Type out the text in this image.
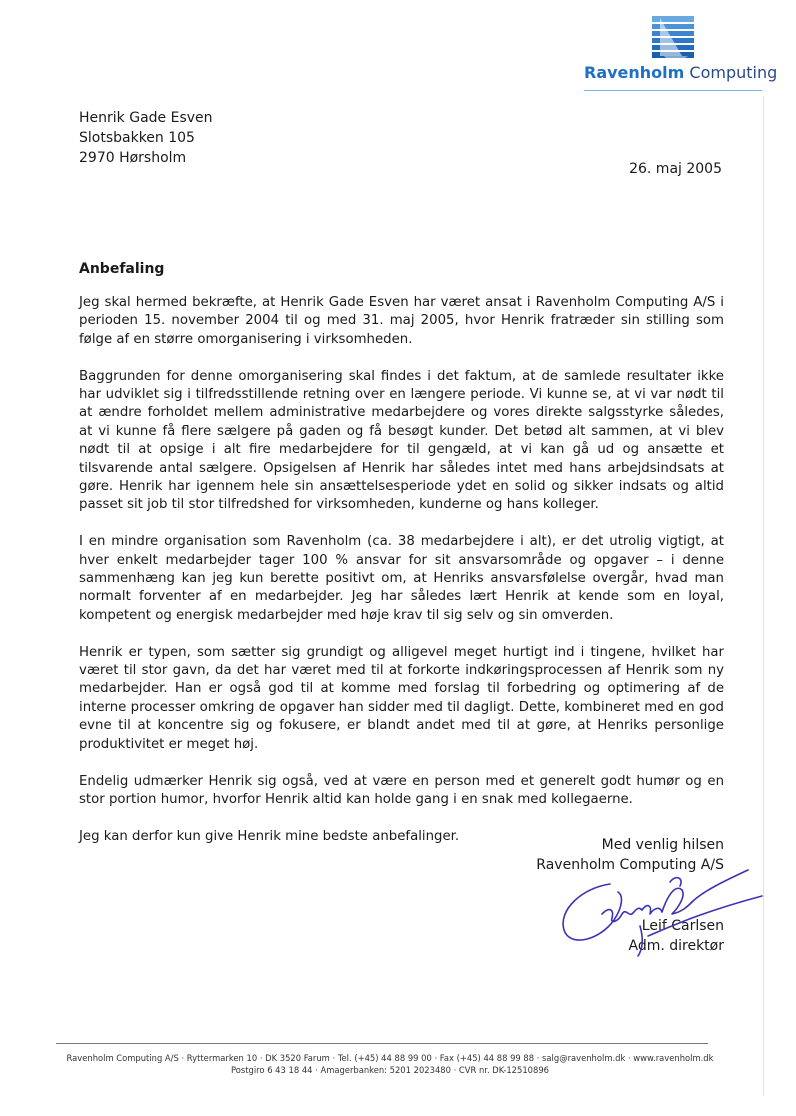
Ravenholm Computing
Henrik Gade Esven
Slotsbakken 105
2970 Hørsholm
26. maj 2005
Anbefaling

Jeg skal hermed bekræfte, at Henrik Gade Esven har været ansat i Ravenholm Computing A/S i perioden 15. november 2004 til og med 31. maj 2005, hvor Henrik fratræder sin stilling som følge af en større omorganisering i virksomheden.

Baggrunden for denne omorganisering skal findes i det faktum, at de samlede resultater ikke har udviklet sig i tilfredsstillende retning over en længere periode. Vi kunne se, at vi var nødt til at ændre forholdet mellem administrative medarbejdere og vores direkte salgsstyrke således, at vi kunne få flere sælgere på gaden og få besøgt kunder. Det betød alt sammen, at vi blev nødt til at opsige i alt fire medarbejdere for til gengæld, at vi kan gå ud og ansætte et tilsvarende antal sælgere. Opsigelsen af Henrik har således intet med hans arbejdsindsats at gøre. Henrik har igennem hele sin ansættelsesperiode ydet en solid og sikker indsats og altid passet sit job til stor tilfredshed for virksomheden, kunderne og hans kolleger.

I en mindre organisation som Ravenholm (ca. 38 medarbejdere i alt), er det utrolig vigtigt, at hver enkelt medarbejder tager 100 % ansvar for sit ansvarsområde og opgaver – i denne sammenhæng kan jeg kun berette positivt om, at Henriks ansvarsfølelse overgår, hvad man normalt forventer af en medarbejder. Jeg har således lært Henrik at kende som en loyal, kompetent og energisk medarbejder med høje krav til sig selv og sin omverden.

Henrik er typen, som sætter sig grundigt og alligevel meget hurtigt ind i tingene, hvilket har været til stor gavn, da det har været med til at forkorte indkøringsprocessen af Henrik som ny medarbejder. Han er også god til at komme med forslag til forbedring og optimering af de interne processer omkring de opgaver han sidder med til dagligt. Dette, kombineret med en god evne til at koncentre sig og fokusere, er blandt andet med til at gøre, at Henriks personlige produktivitet er meget høj.

Endelig udmærker Henrik sig også, ved at være en person med et generelt godt humør og en stor portion humor, hvorfor Henrik altid kan holde gang i en snak med kollegaerne.

Jeg kan derfor kun give Henrik mine bedste anbefalinger.

Med venlig hilsen
Ravenholm Computing A/S
Leif Carlsen
Adm. direktør
Ravenholm Computing A/S · Ryttermarken 10 · DK 3520 Farum · Tel. (+45) 44 88 99 00 · Fax (+45) 44 88 99 88 · salg@ravenholm.dk · www.ravenholm.dk
Postgiro 6 43 18 44 · Amagerbanken: 5201 2023480 · CVR nr. DK-12510896
